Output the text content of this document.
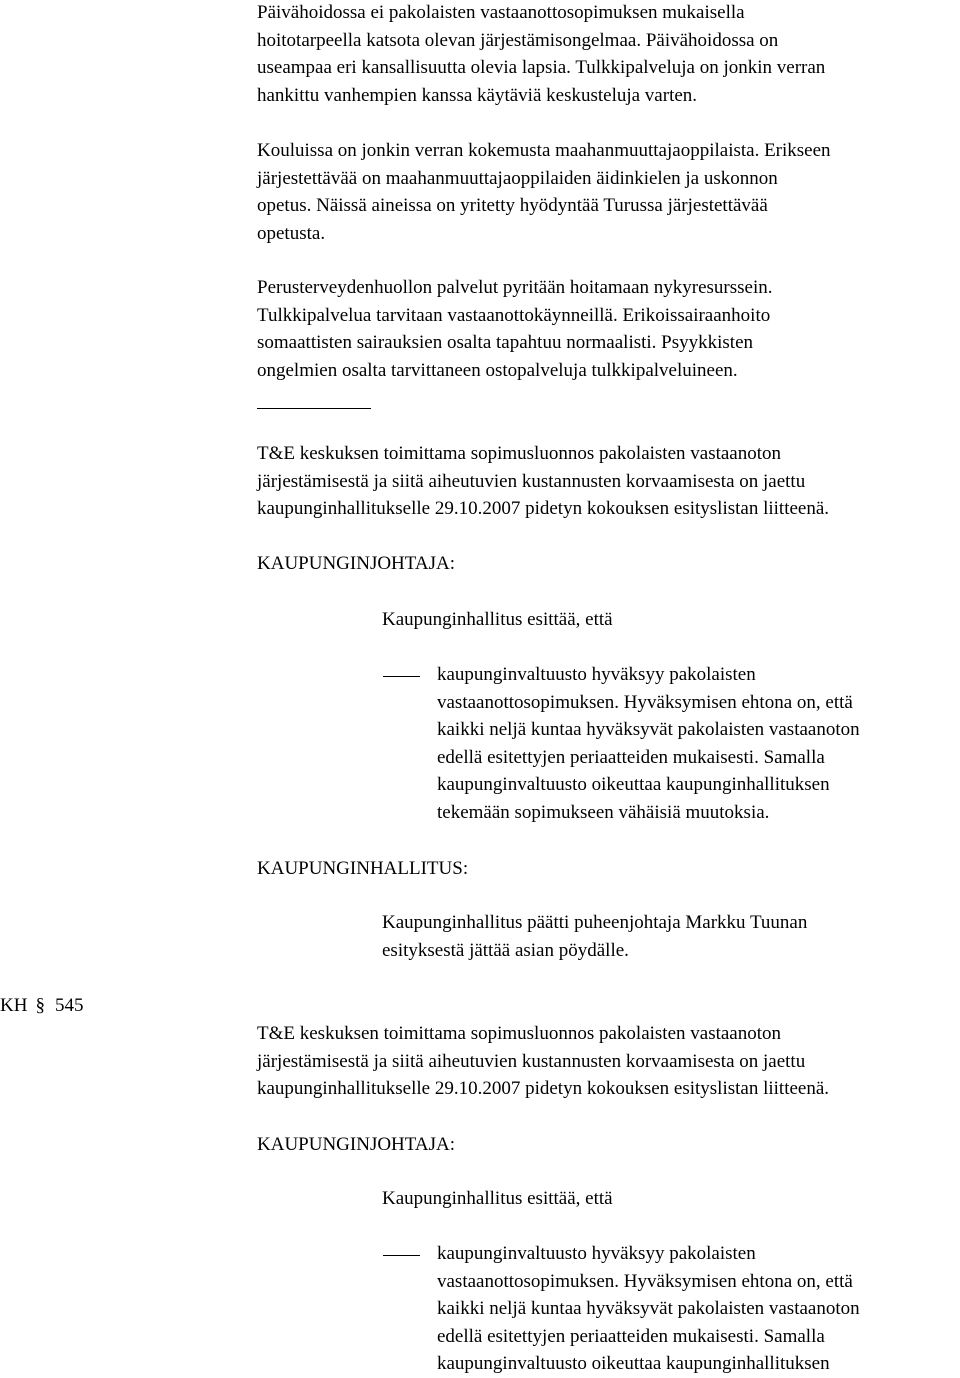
Päivähoidossa ei pakolaisten vastaanottosopimuksen mukaisella
hoitotarpeella katsota olevan järjestämisongelmaa. Päivähoidossa on
useampaa eri kansallisuutta olevia lapsia. Tulkkipalveluja on jonkin verran
hankittu vanhempien kanssa käytäviä keskusteluja varten.
Kouluissa on jonkin verran kokemusta maahanmuuttajaoppilaista. Erikseen
järjestettävää on maahanmuuttajaoppilaiden äidinkielen ja uskonnon
opetus. Näissä aineissa on yritetty hyödyntää Turussa järjestettävää
opetusta.
Perusterveydenhuollon palvelut pyritään hoitamaan nykyresurssein.
Tulkkipalvelua tarvitaan vastaanottokäynneillä. Erikoissairaanhoito
somaattisten sairauksien osalta tapahtuu normaalisti. Psyykkisten
ongelmien osalta tarvittaneen ostopalveluja tulkkipalveluineen.
T&E keskuksen toimittama sopimusluonnos pakolaisten vastaanoton
järjestämisestä ja siitä aiheutuvien kustannusten korvaamisesta on jaettu
kaupunginhallitukselle 29.10.2007 pidetyn kokouksen esityslistan liitteenä.
KAUPUNGINJOHTAJA:
Kaupunginhallitus esittää, että
kaupunginvaltuusto hyväksyy pakolaisten
vastaanottosopimuksen. Hyväksymisen ehtona on, että
kaikki neljä kuntaa hyväksyvät pakolaisten vastaanoton
edellä esitettyjen periaatteiden mukaisesti. Samalla
kaupunginvaltuusto oikeuttaa kaupunginhallituksen
tekemään sopimukseen vähäisiä muutoksia.
KAUPUNGINHALLITUS:
Kaupunginhallitus päätti puheenjohtaja Markku Tuunan
esityksestä jättää asian pöydälle.
KH § 545
T&E keskuksen toimittama sopimusluonnos pakolaisten vastaanoton
järjestämisestä ja siitä aiheutuvien kustannusten korvaamisesta on jaettu
kaupunginhallitukselle 29.10.2007 pidetyn kokouksen esityslistan liitteenä.
KAUPUNGINJOHTAJA:
Kaupunginhallitus esittää, että
kaupunginvaltuusto hyväksyy pakolaisten
vastaanottosopimuksen. Hyväksymisen ehtona on, että
kaikki neljä kuntaa hyväksyvät pakolaisten vastaanoton
edellä esitettyjen periaatteiden mukaisesti. Samalla
kaupunginvaltuusto oikeuttaa kaupunginhallituksen
